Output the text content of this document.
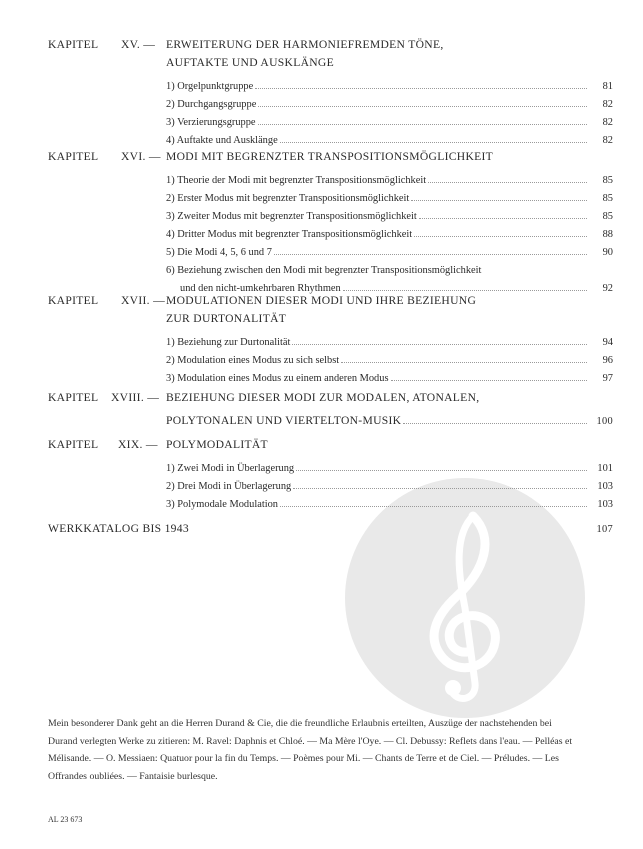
KAPITEL XV. — ERWEITERUNG DER HARMONIEFREMDEN TÖNE,
AUFTAKTE UND AUSKLÄNGE
1) Orgelpunktgruppe	81
2) Durchgangsgruppe	82
3) Verzierungsgruppe	82
4) Auftakte und Ausklänge	82
KAPITEL XVI. — MODI MIT BEGRENZTER TRANSPOSITIONSMÖGLICHKEIT
1) Theorie der Modi mit begrenzter Transpositionsmöglichkeit	85
2) Erster Modus mit begrenzter Transpositionsmöglichkeit	85
3) Zweiter Modus mit begrenzter Transpositionsmöglichkeit	85
4) Dritter Modus mit begrenzter Transpositionsmöglichkeit	88
5) Die Modi 4, 5, 6 und 7	90
6) Beziehung zwischen den Modi mit begrenzter Transpositionsmöglichkeit
und den nicht-umkehrbaren Rhythmen	92
KAPITEL XVII. — MODULATIONEN DIESER MODI UND IHRE BEZIEHUNG
ZUR DURTONALITÄT
1) Beziehung zur Durtonalität	94
2) Modulation eines Modus zu sich selbst	96
3) Modulation eines Modus zu einem anderen Modus	97
KAPITEL XVIII. — BEZIEHUNG DIESER MODI ZUR MODALEN, ATONALEN,
POLYTONALEN UND VIERTELTON-MUSIK	100
KAPITEL XIX. — POLYMODALITÄT
1) Zwei Modi in Überlagerung	101
2) Drei Modi in Überlagerung	103
3) Polymodale Modulation	103
WERKKATALOG BIS 1943	107
Mein besonderer Dank geht an die Herren Durand & Cie, die die freundliche Erlaubnis erteilten, Auszüge der nachstehenden bei
Durand verlegten Werke zu zitieren: M. Ravel: Daphnis et Chloé. — Ma Mère l'Oye. — Cl. Debussy: Reflets dans l'eau. — Pelléas et
Mélisande. — O. Messiaen: Quatuor pour la fin du Temps. — Poèmes pour Mi. — Chants de Terre et de Ciel. — Préludes. — Les
Offrandes oubliées. — Fantaisie burlesque.
AL 23 673
